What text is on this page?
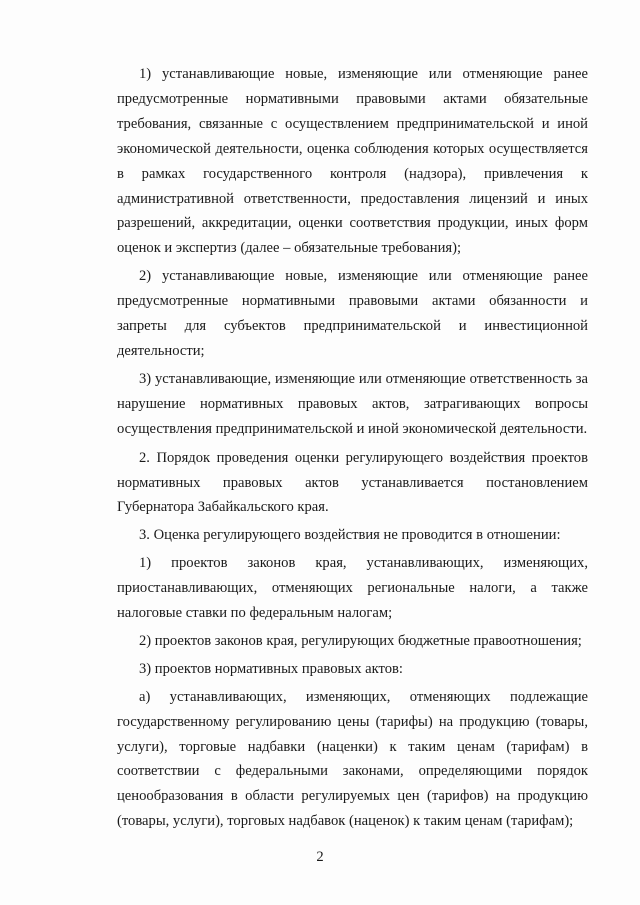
1) устанавливающие новые, изменяющие или отменяющие ранее предусмотренные нормативными правовыми актами обязательные требования, связанные с осуществлением предпринимательской и иной экономической деятельности, оценка соблюдения которых осуществляется в рамках государственного контроля (надзора), привлечения к административной ответственности, предоставления лицензий и иных разрешений, аккредитации, оценки соответствия продукции, иных форм оценок и экспертиз (далее – обязательные требования);

2) устанавливающие новые, изменяющие или отменяющие ранее предусмотренные нормативными правовыми актами обязанности и запреты для субъектов предпринимательской и инвестиционной деятельности;

3) устанавливающие, изменяющие или отменяющие ответственность за нарушение нормативных правовых актов, затрагивающих вопросы осуществления предпринимательской и иной экономической деятельности.

2. Порядок проведения оценки регулирующего воздействия проектов нормативных правовых актов устанавливается постановлением Губернатора Забайкальского края.

3. Оценка регулирующего воздействия не проводится в отношении:

1) проектов законов края, устанавливающих, изменяющих, приостанавливающих, отменяющих региональные налоги, а также налоговые ставки по федеральным налогам;

2) проектов законов края, регулирующих бюджетные правоотношения;

3) проектов нормативных правовых актов:

а) устанавливающих, изменяющих, отменяющих подлежащие государственному регулированию цены (тарифы) на продукцию (товары, услуги), торговые надбавки (наценки) к таким ценам (тарифам) в соответствии с федеральными законами, определяющими порядок ценообразования в области регулируемых цен (тарифов) на продукцию (товары, услуги), торговых надбавок (наценок) к таким ценам (тарифам);

2
